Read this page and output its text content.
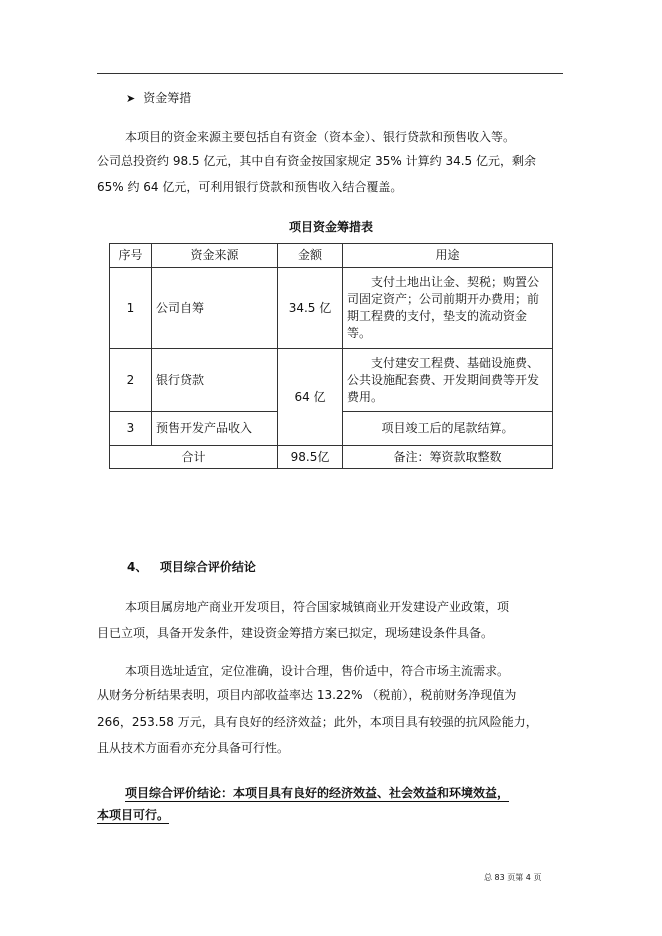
➤ 资金筹措
本项目的资金来源主要包括自有资金（资本金）、银行贷款和预售收入等。
公司总投资约 98.5 亿元，其中自有资金按国家规定 35% 计算约 34.5 亿元，剩余
65% 约 64 亿元，可利用银行贷款和预售收入结合覆盖。
项目资金筹措表
序号	资金来源	金额	用途
1	公司自筹	34.5 亿	支付土地出让金、契税；购置公司固定资产；公司前期开办费用；前期工程费的支付，垫支的流动资金等。
2	银行贷款	64 亿	支付建安工程费、基础设施费、公共设施配套费、开发期间费等开发费用。
3	预售开发产品收入		项目竣工后的尾款结算。
合计		98.5亿	备注：筹资款取整数
4、 项目综合评价结论
本项目属房地产商业开发项目，符合国家城镇商业开发建设产业政策，项
目已立项，具备开发条件，建设资金筹措方案已拟定，现场建设条件具备。
本项目选址适宜，定位准确，设计合理，售价适中，符合市场主流需求。
从财务分析结果表明，项目内部收益率达 13.22% （税前），税前财务净现值为
266，253.58 万元，具有良好的经济效益；此外，本项目具有较强的抗风险能力，
且从技术方面看亦充分具备可行性。
项目综合评价结论：本项目具有良好的经济效益、社会效益和环境效益，
本项目可行。
总 83 页第 4 页
